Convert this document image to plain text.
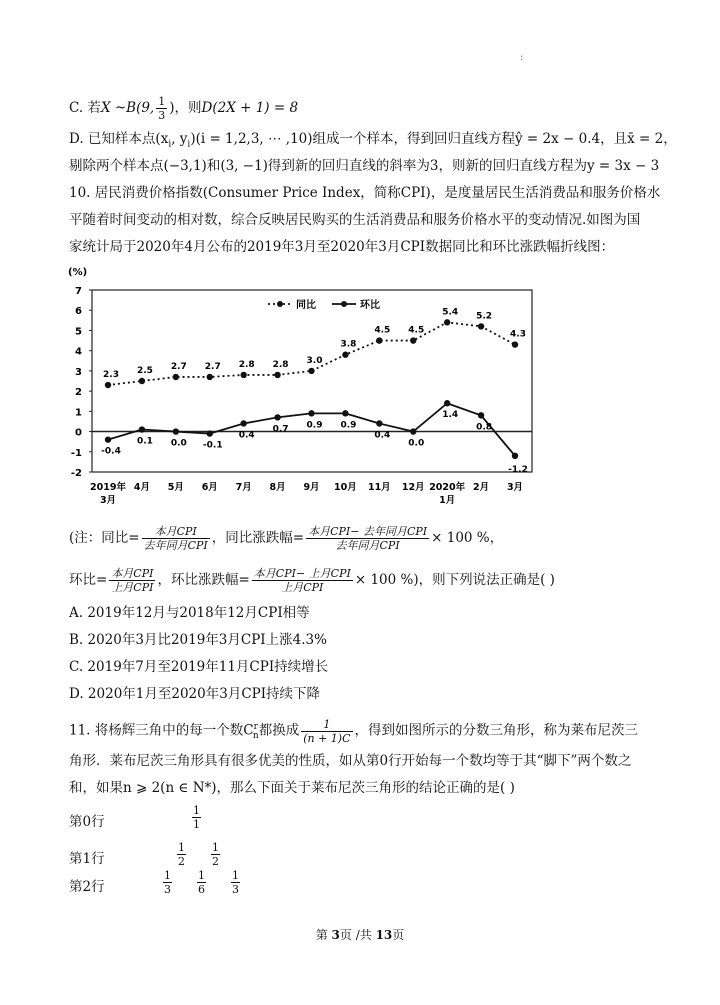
:
C. 若X ~B(9, $\frac{1}{3}$ )，则D(2X + 1) = 8
D. 已知样本点($x_i$, $y_i)(i = 1,2,3$, ⋯ ,10)组成一个样本，得到回归直线方程ŷ = 2x − 0.4，且x̄ = 2，
剔除两个样本点(−3,1)和(3, −1)得到新的回归直线的斜率为3，则新的回归直线方程为y = 3x − 3
10. 居民消费价格指数(Consumer Price Index，简称CPI)，是度量居民生活消费品和服务价格水
平随着时间变动的相对数，综合反映居民购买的生活消费品和服务价格水平的变动情况.如图为国
家统计局于2020年4月公布的2019年3月至2020年3月CPI数据同比和环比涨跌幅折线图：
(%)
7
6
5
4
3
2
1
0
-1
-2
2019年 3月
4月 5月 6月 7月 8月 9月 10月 11月 12月 2020年 1月
2月 3月
2.3 2.5 2.7 2.7 2.8 2.8 3.0
3.8
4.5 4.5
5.4 5.2
4.3
-0.4
0.1 0.0 -0.1
0.4
0.7 0.9 0.9
0.4
0.0
1.4
0.8
-1.2
同比	环比
(注：同比= $\frac{\text{本月CPI}}{\text{去年同月CPI}}$ ，同比涨跌幅= $\frac{\text{本月CPI− 去年同月CPI}}{\text{去年同月CPI}} \times 100$ %，
环比= $\frac{\text{本月CPI}}{\text{上月CPI}}$ ，环比涨跌幅= $\frac{\text{本月CPI− 上月CPI}}{\text{上月CPI}} \times 100$ %)，则下列说法正确是( )
A. 2019年12月与2018年12月CPI相等
B. 2020年3月比2019年3月CPI上涨4.3%
C. 2019年7月至2019年11月CPI持续增长
D. 2020年1月至2020年3月CPI持续下降
11. 将杨辉三角中的每一个数$C^r_n$都换成 $\frac{1}{(n + 1)C}$ ，得到如图所示的分数三角形，称为莱布尼茨三
角形．莱布尼茨三角形具有很多优美的性质，如从第0行开始每一个数均等于其“脚下”两个数之
和，如果n ⩾ 2(n ∈ N*)，那么下面关于莱布尼茨三角形的结论正确的是( )
第0行
1
1
第1行
1
2
1
2
第2行
1
3
1
6
1
3
第 3页 /共 13页
